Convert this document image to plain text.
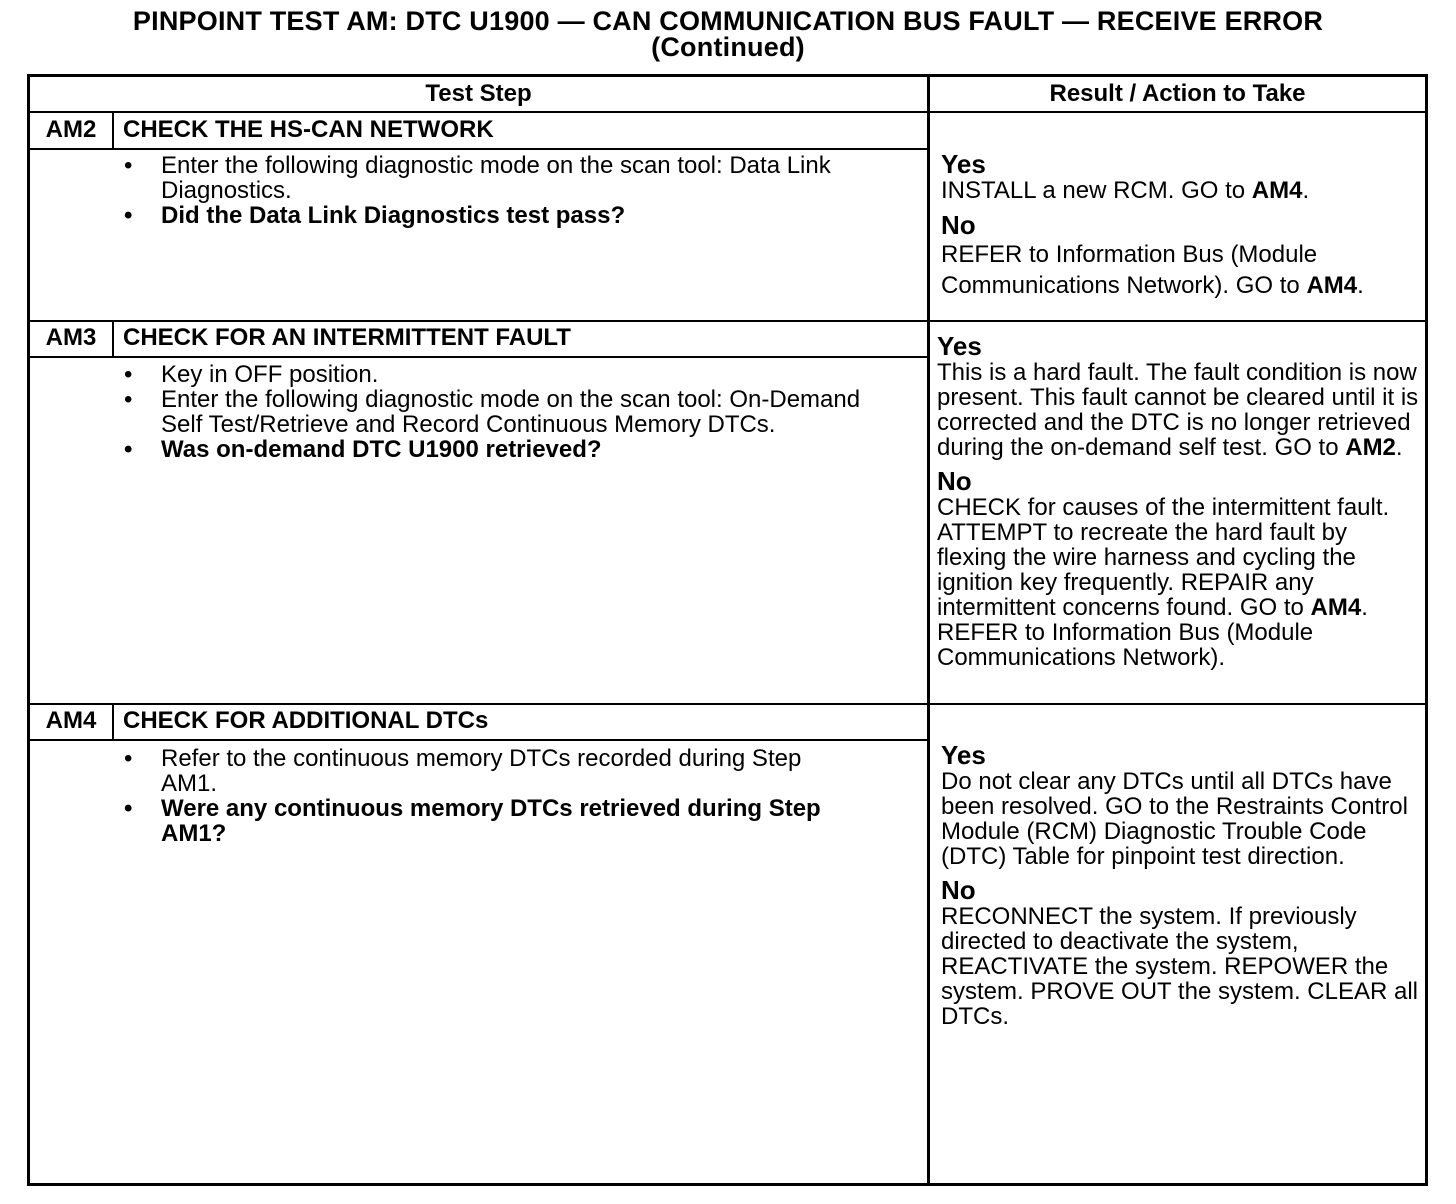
PINPOINT TEST AM: DTC U1900 — CAN COMMUNICATION BUS FAULT — RECEIVE ERROR
(Continued)
Test Step	Result / Action to Take
AM2	CHECK THE HS-CAN NETWORK
• Enter the following diagnostic mode on the scan tool: Data Link Diagnostics.
• Did the Data Link Diagnostics test pass?
Yes

INSTALL a new RCM. GO to AM4.

No

REFER to Information Bus (Module Communications Network). GO to AM4.

AM3	CHECK FOR AN INTERMITTENT FAULT
• Key in OFF position.
• Enter the following diagnostic mode on the scan tool: On-Demand Self Test/Retrieve and Record Continuous Memory DTCs.
• Was on-demand DTC U1900 retrieved?
Yes

This is a hard fault. The fault condition is now present. This fault cannot be cleared until it is corrected and the DTC is no longer retrieved during the on-demand self test. GO to AM2.

No

CHECK for causes of the intermittent fault. ATTEMPT to recreate the hard fault by flexing the wire harness and cycling the ignition key frequently. REPAIR any intermittent concerns found. GO to AM4. REFER to Information Bus (Module Communications Network).

AM4	CHECK FOR ADDITIONAL DTCs
• Refer to the continuous memory DTCs recorded during Step AM1.
• Were any continuous memory DTCs retrieved during Step AM1?
Yes

Do not clear any DTCs until all DTCs have been resolved. GO to the Restraints Control Module (RCM) Diagnostic Trouble Code (DTC) Table for pinpoint test direction.

No

RECONNECT the system. If previously directed to deactivate the system, REACTIVATE the system. REPOWER the system. PROVE OUT the system. CLEAR all DTCs.
